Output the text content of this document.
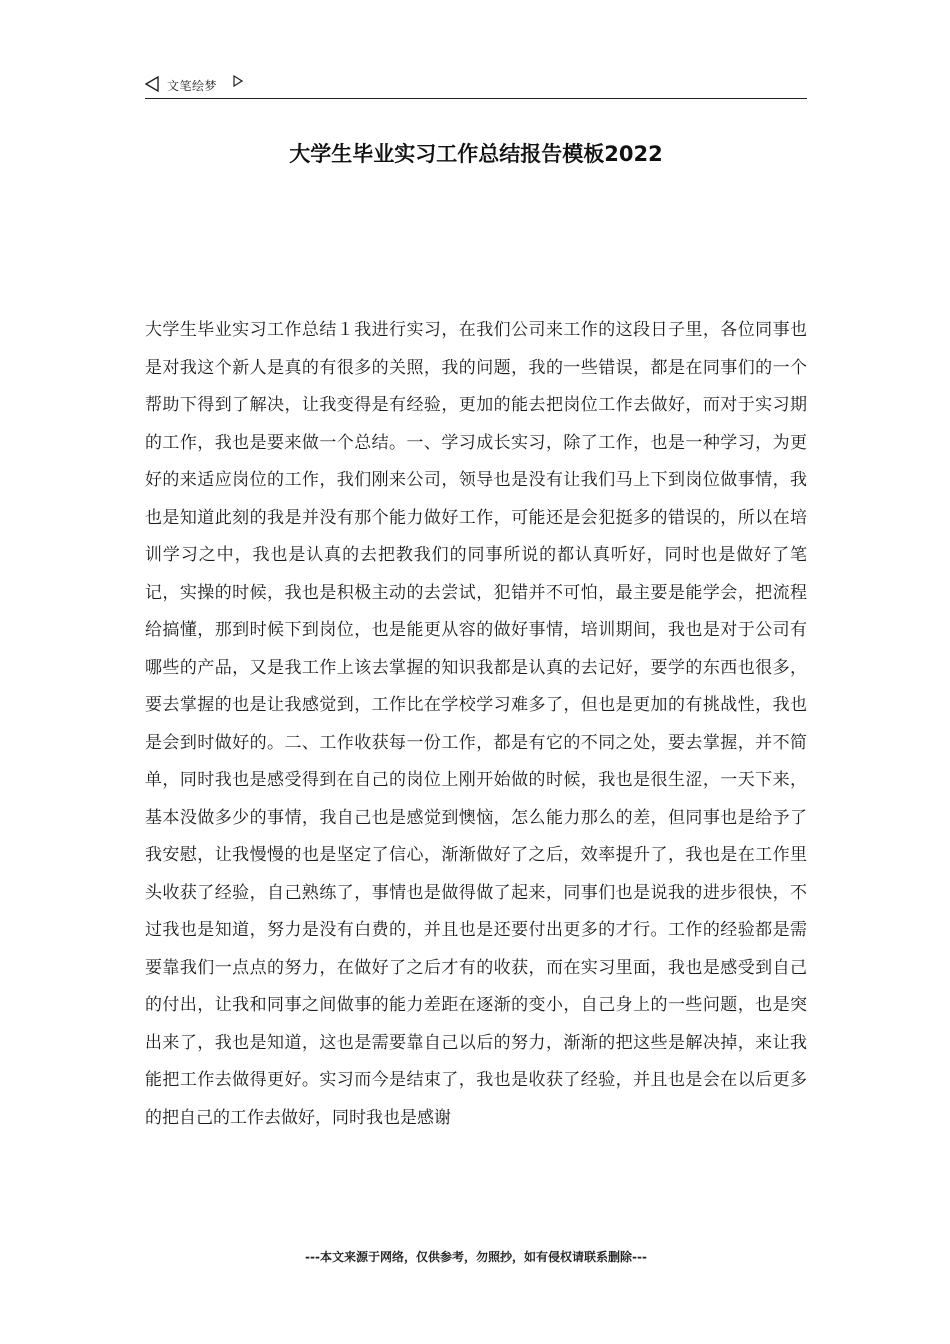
文笔绘梦
大学生毕业实习工作总结报告模板2022

大学生毕业实习工作总结１我进行实习，在我们公司来工作的这段日子里，各位同事也是对我这个新人是真的有很多的关照，我的问题，我的一些错误，都是在同事们的一个帮助下得到了解决，让我变得是有经验，更加的能去把岗位工作去做好，而对于实习期的工作，我也是要来做一个总结。一、学习成长实习，除了工作，也是一种学习，为更好的来适应岗位的工作，我们刚来公司，领导也是没有让我们马上下到岗位做事情，我也是知道此刻的我是并没有那个能力做好工作，可能还是会犯挺多的错误的，所以在培训学习之中，我也是认真的去把教我们的同事所说的都认真听好，同时也是做好了笔记，实操的时候，我也是积极主动的去尝试，犯错并不可怕，最主要是能学会，把流程给搞懂，那到时候下到岗位，也是能更从容的做好事情，培训期间，我也是对于公司有哪些的产品，又是我工作上该去掌握的知识我都是认真的去记好，要学的东西也很多，要去掌握的也是让我感觉到，工作比在学校学习难多了，但也是更加的有挑战性，我也是会到时做好的。二、工作收获每一份工作，都是有它的不同之处，要去掌握，并不简单，同时我也是感受得到在自己的岗位上刚开始做的时候，我也是很生涩，一天下来，基本没做多少的事情，我自己也是感觉到懊恼，怎么能力那么的差，但同事也是给予了我安慰，让我慢慢的也是坚定了信心，渐渐做好了之后，效率提升了，我也是在工作里头收获了经验，自己熟练了，事情也是做得做了起来，同事们也是说我的进步很快，不过我也是知道，努力是没有白费的，并且也是还要付出更多的才行。工作的经验都是需要靠我们一点点的努力，在做好了之后才有的收获，而在实习里面，我也是感受到自己的付出，让我和同事之间做事的能力差距在逐渐的变小，自己身上的一些问题，也是突出来了，我也是知道，这也是需要靠自己以后的努力，渐渐的把这些是解决掉，来让我能把工作去做得更好。实习而今是结束了，我也是收获了经验，并且也是会在以后更多的把自己的工作去做好，同时我也是感谢

---本文来源于网络，仅供参考，勿照抄，如有侵权请联系删除---
